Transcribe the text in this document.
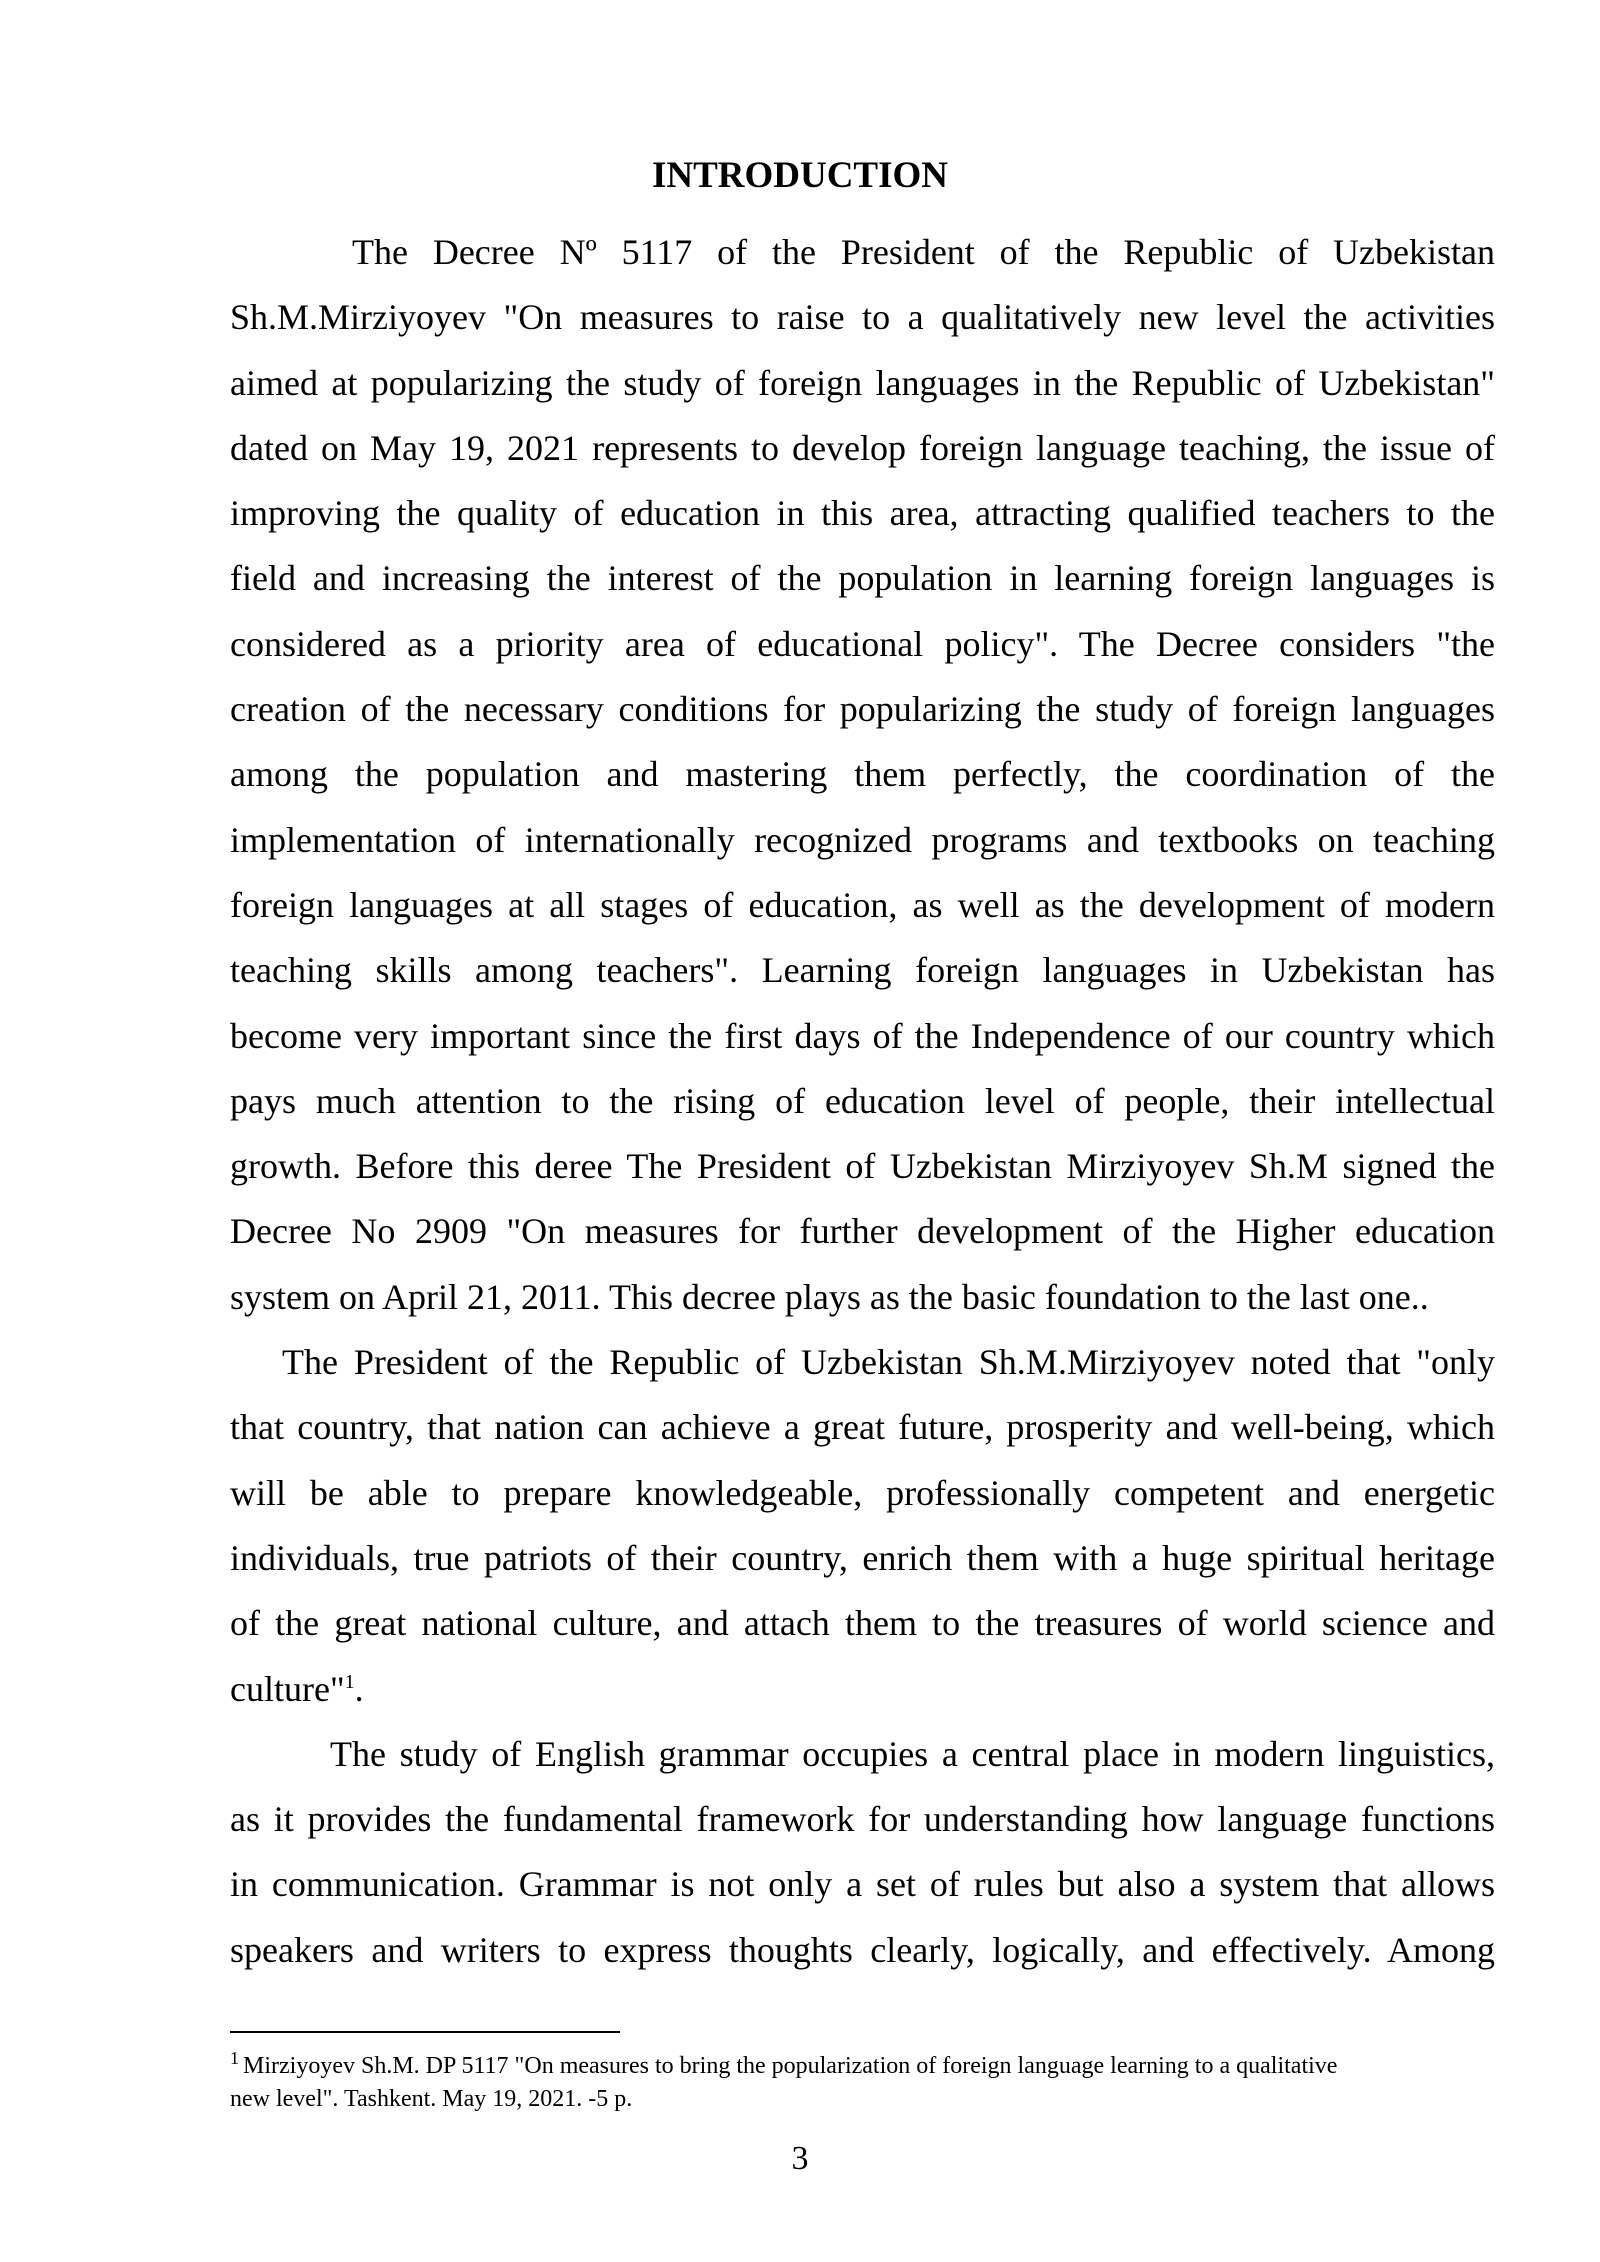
INTRODUCTION
The Decree Nº 5117 of the President of the Republic of Uzbekistan
Sh.M.Mirziyoyev "On measures to raise to a qualitatively new level the activities
aimed at popularizing the study of foreign languages in the Republic of Uzbekistan"
dated on May 19, 2021 represents to develop foreign language teaching, the issue of
improving the quality of education in this area, attracting qualified teachers to the
field and increasing the interest of the population in learning foreign languages is
considered as a priority area of educational policy". The Decree considers "the
creation of the necessary conditions for popularizing the study of foreign languages
among the population and mastering them perfectly, the coordination of the
implementation of internationally recognized programs and textbooks on teaching
foreign languages at all stages of education, as well as the development of modern
teaching skills among teachers". Learning foreign languages in Uzbekistan has
become very important since the first days of the Independence of our country which
pays much attention to the rising of education level of people, their intellectual
growth. Before this deree The President of Uzbekistan Mirziyoyev Sh.M signed the
Decree No 2909 "On measures for further development of the Higher education
system on April 21, 2011. This decree plays as the basic foundation to the last one..
The President of the Republic of Uzbekistan Sh.M.Mirziyoyev noted that "only
that country, that nation can achieve a great future, prosperity and well-being, which
will be able to prepare knowledgeable, professionally competent and energetic
individuals, true patriots of their country, enrich them with a huge spiritual heritage
of the great national culture, and attach them to the treasures of world science and
culture"$^1$.
The study of English grammar occupies a central place in modern linguistics,
as it provides the fundamental framework for understanding how language functions
in communication. Grammar is not only a set of rules but also a system that allows
speakers and writers to express thoughts clearly, logically, and effectively. Among
$^1$ Mirziyoyev Sh.M. DP 5117 "On measures to bring the popularization of foreign language learning to a qualitative
new level". Tashkent. May 19, 2021. -5 p.
3
